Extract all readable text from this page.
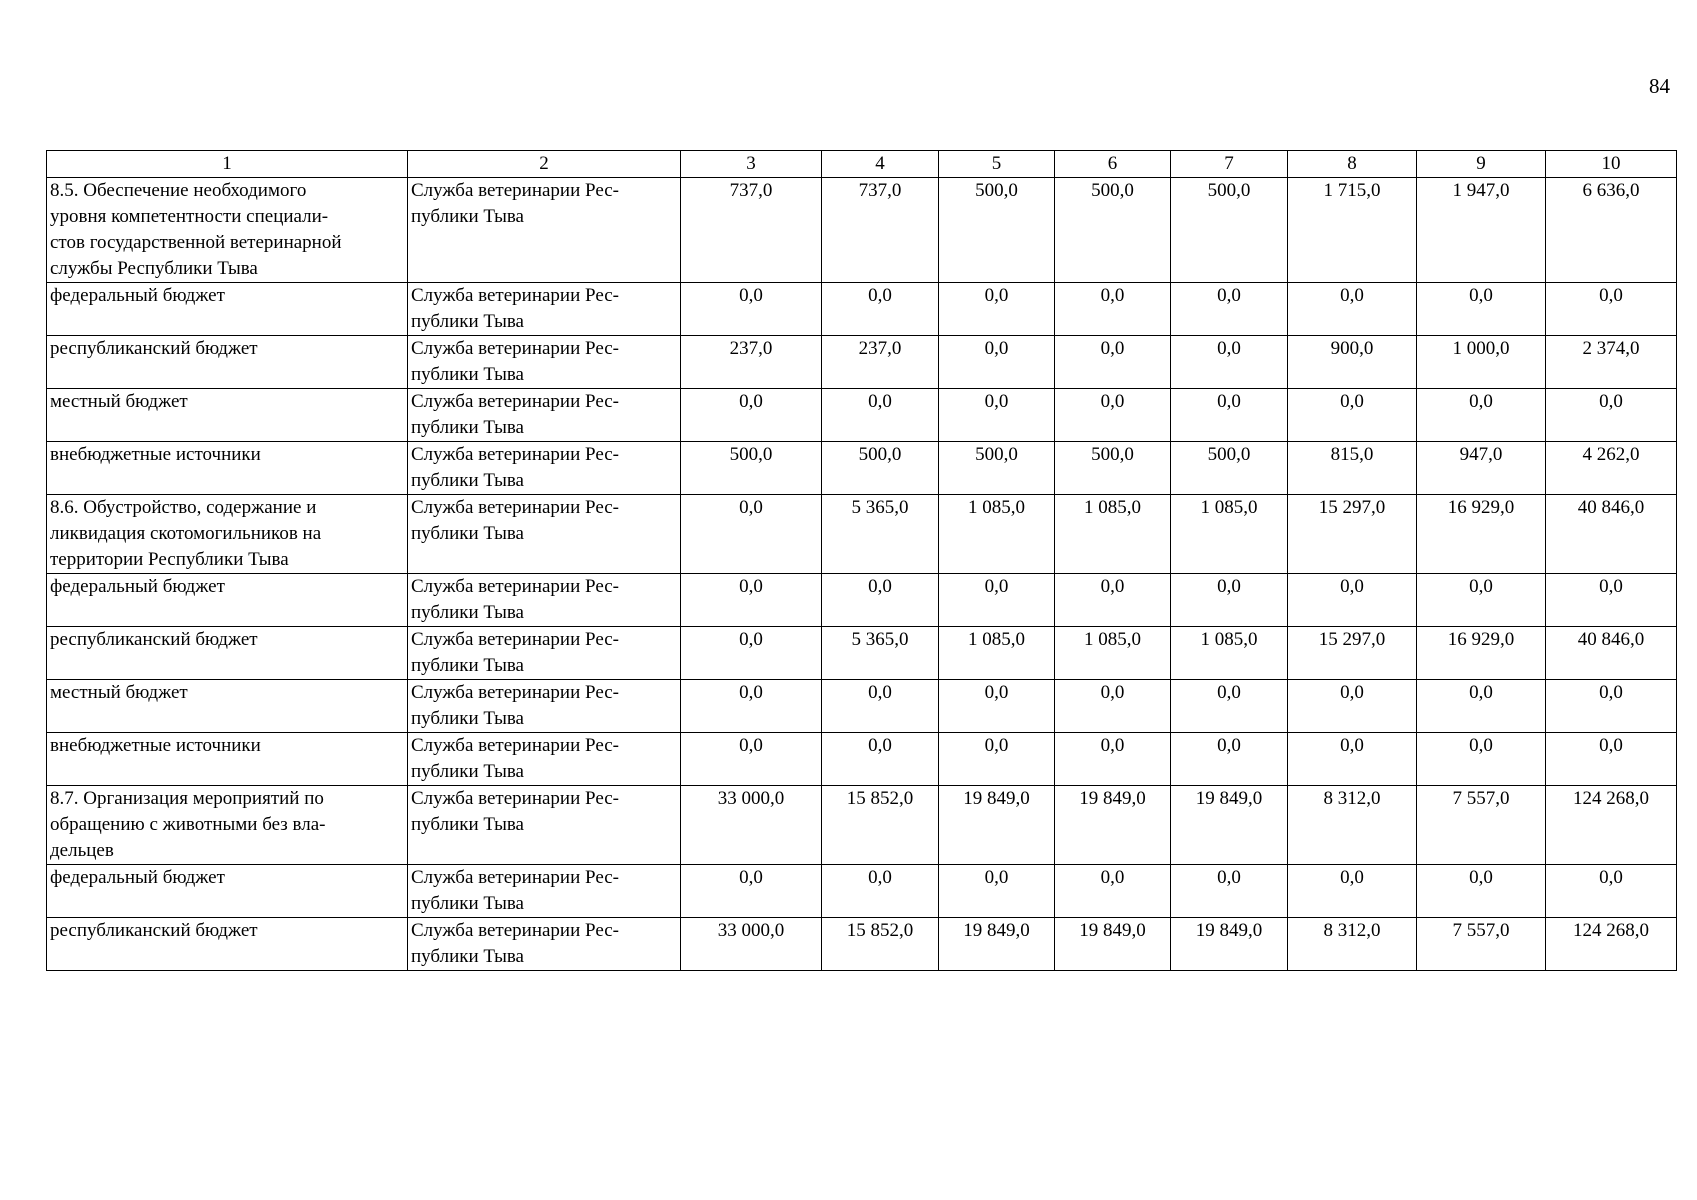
84
1	2	3	4	5	6	7	8	9	10
8.5. Обеспечение необходимого
уровня компетентности специали-
стов государственной ветеринарной
службы Республики Тыва	Служба ветеринарии Рес-
публики Тыва	737,0	737,0	500,0	500,0	500,0	1 715,0	1 947,0	6 636,0
федеральный бюджет	Служба ветеринарии Рес-
публики Тыва	0,0	0,0	0,0	0,0	0,0	0,0	0,0	0,0
республиканский бюджет	Служба ветеринарии Рес-
публики Тыва	237,0	237,0	0,0	0,0	0,0	900,0	1 000,0	2 374,0
местный бюджет	Служба ветеринарии Рес-
публики Тыва	0,0	0,0	0,0	0,0	0,0	0,0	0,0	0,0
внебюджетные источники	Служба ветеринарии Рес-
публики Тыва	500,0	500,0	500,0	500,0	500,0	815,0	947,0	4 262,0
8.6. Обустройство, содержание и
ликвидация скотомогильников на
территории Республики Тыва	Служба ветеринарии Рес-
публики Тыва	0,0	5 365,0	1 085,0	1 085,0	1 085,0	15 297,0	16 929,0	40 846,0
федеральный бюджет	Служба ветеринарии Рес-
публики Тыва	0,0	0,0	0,0	0,0	0,0	0,0	0,0	0,0
республиканский бюджет	Служба ветеринарии Рес-
публики Тыва	0,0	5 365,0	1 085,0	1 085,0	1 085,0	15 297,0	16 929,0	40 846,0
местный бюджет	Служба ветеринарии Рес-
публики Тыва	0,0	0,0	0,0	0,0	0,0	0,0	0,0	0,0
внебюджетные источники	Служба ветеринарии Рес-
публики Тыва	0,0	0,0	0,0	0,0	0,0	0,0	0,0	0,0
8.7. Организация мероприятий по
обращению с животными без вла-
дельцев	Служба ветеринарии Рес-
публики Тыва	33 000,0	15 852,0	19 849,0	19 849,0	19 849,0	8 312,0	7 557,0	124 268,0
федеральный бюджет	Служба ветеринарии Рес-
публики Тыва	0,0	0,0	0,0	0,0	0,0	0,0	0,0	0,0
республиканский бюджет	Служба ветеринарии Рес-
публики Тыва	33 000,0	15 852,0	19 849,0	19 849,0	19 849,0	8 312,0	7 557,0	124 268,0
